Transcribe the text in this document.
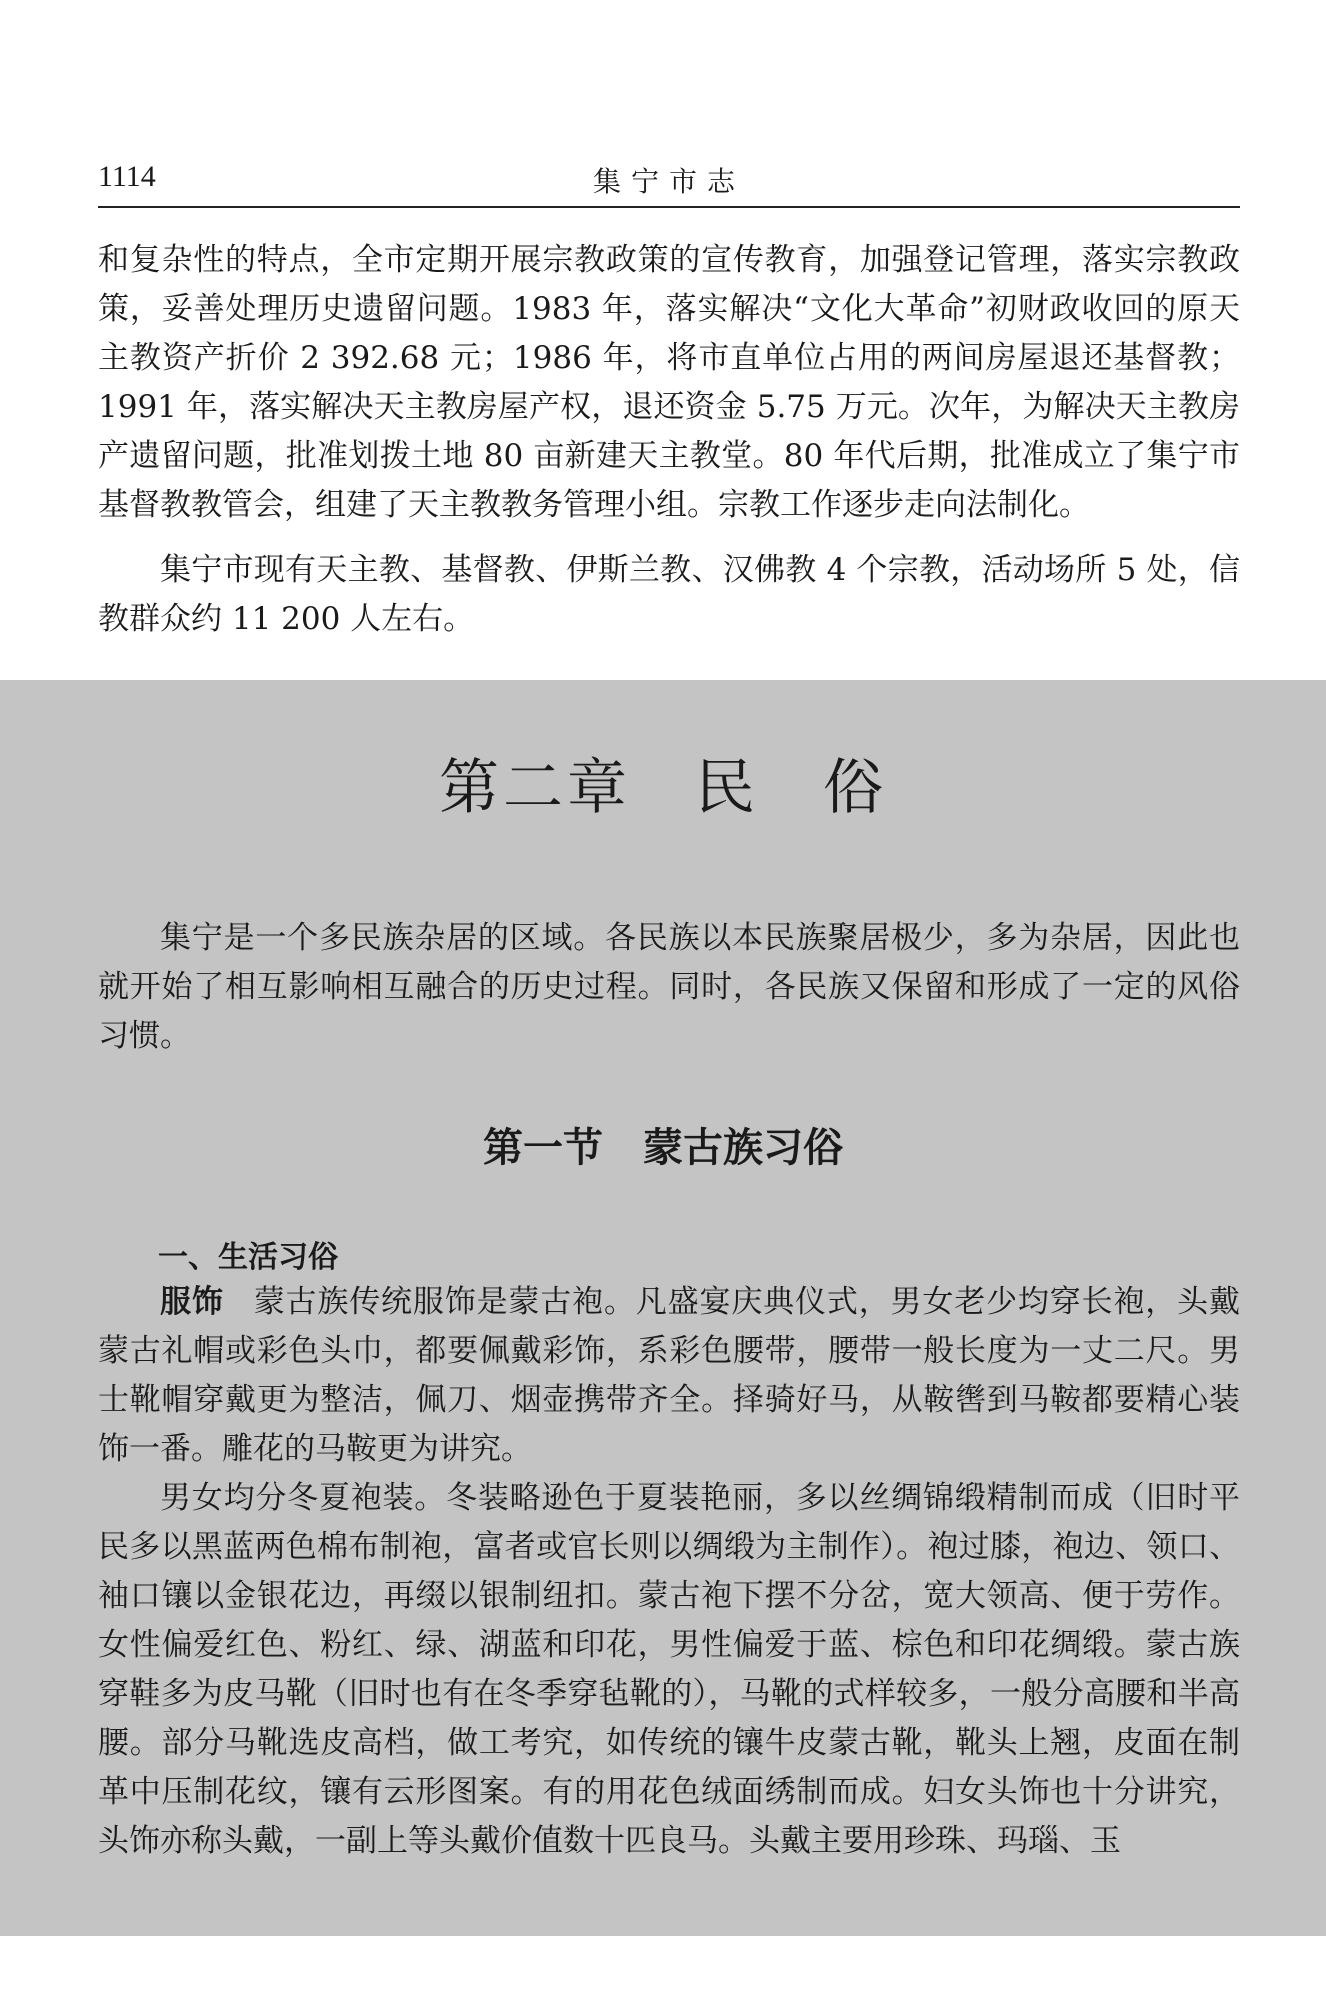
1114	集宁市志

和复杂性的特点，全市定期开展宗教政策的宣传教育，加强登记管理，落实宗教政策，妥善处理历史遗留问题。1983 年，落实解决“文化大革命”初财政收回的原天主教资产折价 2 392.68 元；1986 年，将市直单位占用的两间房屋退还基督教；1991 年，落实解决天主教房屋产权，退还资金 5.75 万元。次年，为解决天主教房产遗留问题，批准划拨土地 80 亩新建天主教堂。80 年代后期，批准成立了集宁市基督教教管会，组建了天主教教务管理小组。宗教工作逐步走向法制化。

集宁市现有天主教、基督教、伊斯兰教、汉佛教 4 个宗教，活动场所 5 处，信教群众约 11 200 人左右。

第二章　民　俗

集宁是一个多民族杂居的区域。各民族以本民族聚居极少，多为杂居，因此也就开始了相互影响相互融合的历史过程。同时，各民族又保留和形成了一定的风俗习惯。

第一节　蒙古族习俗
一、生活习俗

服饰 蒙古族传统服饰是蒙古袍。凡盛宴庆典仪式，男女老少均穿长袍，头戴蒙古礼帽或彩色头巾，都要佩戴彩饰，系彩色腰带，腰带一般长度为一丈二尺。男士靴帽穿戴更为整洁，佩刀、烟壶携带齐全。择骑好马，从鞍辔到马鞍都要精心装饰一番。雕花的马鞍更为讲究。

男女均分冬夏袍装。冬装略逊色于夏装艳丽，多以丝绸锦缎精制而成（旧时平民多以黑蓝两色棉布制袍，富者或官长则以绸缎为主制作）。袍过膝，袍边、领口、袖口镶以金银花边，再缀以银制纽扣。蒙古袍下摆不分岔，宽大领高、便于劳作。女性偏爱红色、粉红、绿、湖蓝和印花，男性偏爱于蓝、棕色和印花绸缎。蒙古族穿鞋多为皮马靴（旧时也有在冬季穿毡靴的），马靴的式样较多，一般分高腰和半高腰。部分马靴选皮高档，做工考究，如传统的镶牛皮蒙古靴，靴头上翘，皮面在制革中压制花纹，镶有云形图案。有的用花色绒面绣制而成。妇女头饰也十分讲究，头饰亦称头戴，一副上等头戴价值数十匹良马。头戴主要用珍珠、玛瑙、玉
